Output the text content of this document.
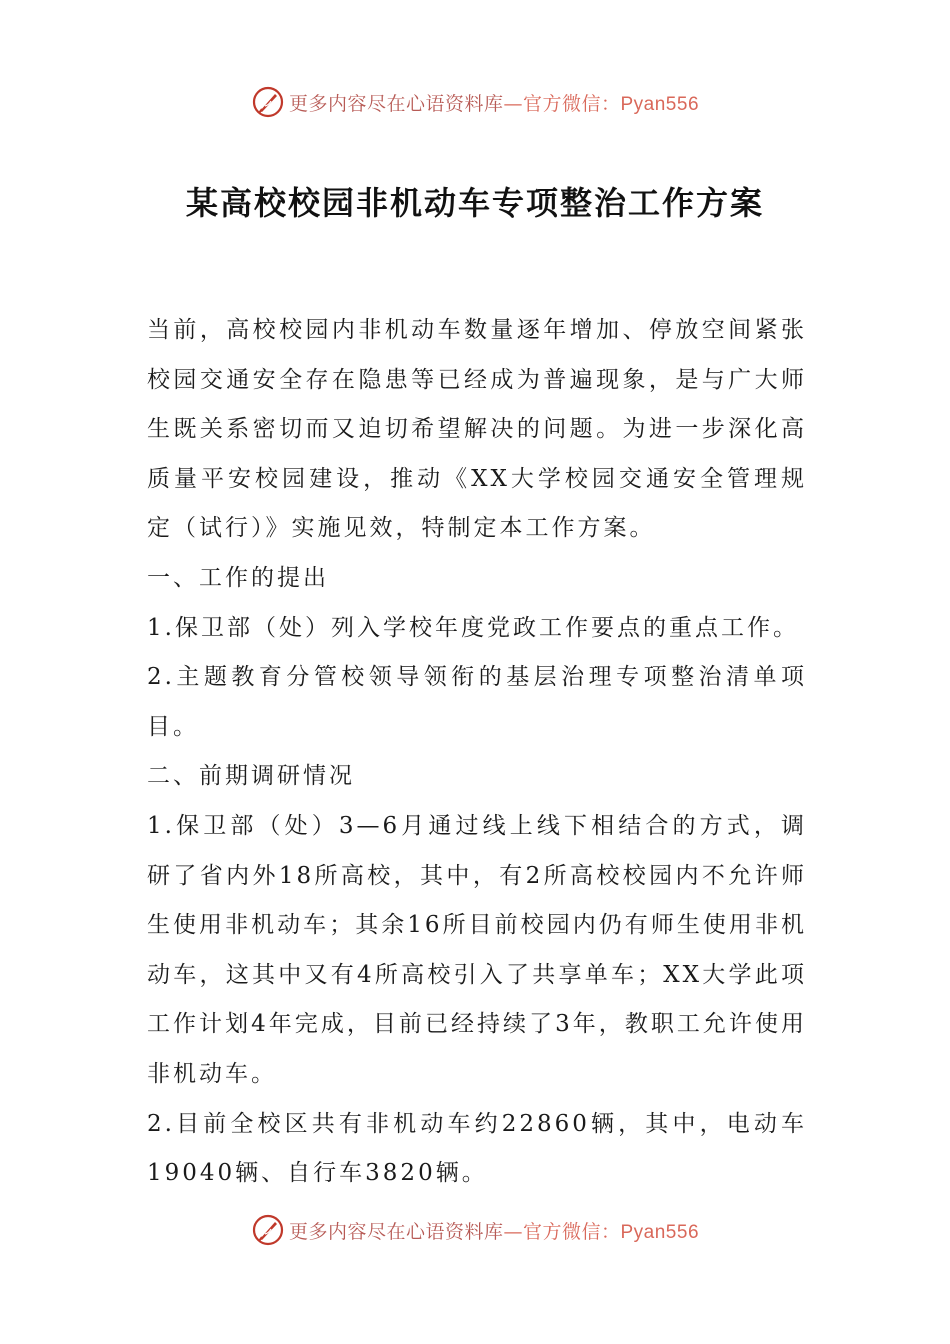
更多内容尽在心语资料库—官方微信：Pyan556
某高校校园非机动车专项整治工作方案

当前，高校校园内非机动车数量逐年增加、停放空间紧张校园交通安全存在隐患等已经成为普遍现象，是与广大师生既关系密切而又迫切希望解决的问题。为进一步深化高质量平安校园建设，推动《XX大学校园交通安全管理规定（试行）》实施见效，特制定本工作方案。

一、工作的提出

1.保卫部（处）列入学校年度党政工作要点的重点工作。

2.主题教育分管校领导领衔的基层治理专项整治清单项目。

二、前期调研情况

1.保卫部（处）3—6月通过线上线下相结合的方式，调研了省内外18所高校，其中，有2所高校校园内不允许师生使用非机动车；其余16所目前校园内仍有师生使用非机动车，这其中又有4所高校引入了共享单车；XX大学此项工作计划4年完成，目前已经持续了3年，教职工允许使用非机动车。

2.目前全校区共有非机动车约22860辆，其中，电动车19040辆、自行车3820辆。

更多内容尽在心语资料库—官方微信：Pyan556
